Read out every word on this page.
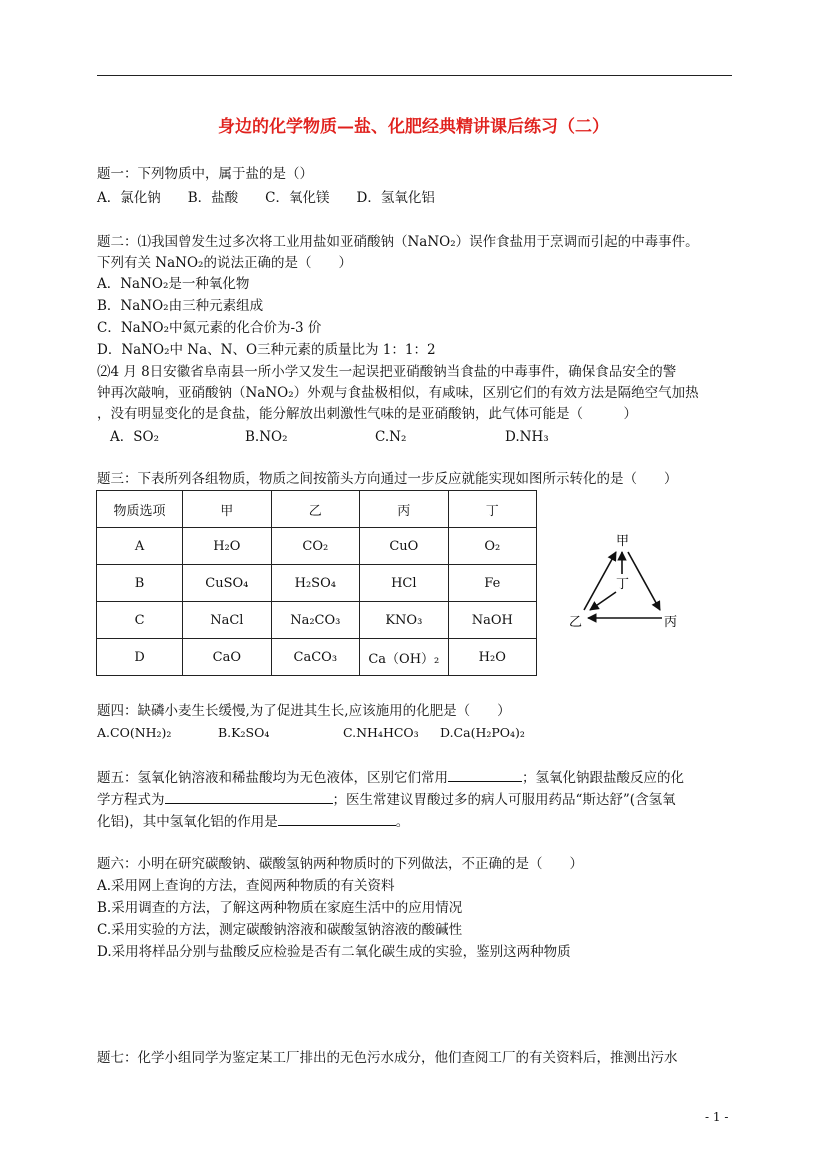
身边的化学物质—盐、化肥经典精讲课后练习（二）
题一：下列物质中，属于盐的是（）
A．氯化钠　　B．盐酸　　C．氧化镁　　D．氢氧化铝
题二：⑴我国曾发生过多次将工业用盐如亚硝酸钠（NaNO₂）误作食盐用于烹调而引起的中毒事件。
下列有关 NaNO₂的说法正确的是（　　）
A．NaNO₂是一种氧化物
B．NaNO₂由三种元素组成
C．NaNO₂中氮元素的化合价为-3 价
D．NaNO₂中 Na、N、O三种元素的质量比为 1：1：2
⑵4 月 8日安徽省阜南县一所小学又发生一起误把亚硝酸钠当食盐的中毒事件，确保食品安全的警
钟再次敲响，亚硝酸钠（NaNO₂）外观与食盐极相似，有咸味，区别它们的有效方法是隔绝空气加热
，没有明显变化的是食盐，能分解放出刺激性气味的是亚硝酸钠，此气体可能是（　　　）
A．SO₂	B.NO₂	C.N₂	D.NH₃
题三：下表所列各组物质，物质之间按箭头方向通过一步反应就能实现如图所示转化的是（　　）
物质选项	甲	乙	丙	丁
A	H₂O	CO₂	CuO	O₂
B	CuSO₄	H₂SO₄	HCl	Fe
C	NaCl	Na₂CO₃	KNO₃	NaOH
D	CaO	CaCO₃	Ca（OH）₂	H₂O
甲
丁
乙	丙
题四：缺磷小麦生长缓慢,为了促进其生长,应该施用的化肥是（　　）
A.CO(NH₂)₂	B.K₂SO₄	C.NH₄HCO₃ D.Ca(H₂PO₄)₂
题五：氢氧化钠溶液和稀盐酸均为无色液体，区别它们常用	；氢氧化钠跟盐酸反应的化
学方程式为	；医生常建议胃酸过多的病人可服用药品“斯达舒”(含氢氧
化铝)，其中氢氧化铝的作用是	。
题六：小明在研究碳酸钠、碳酸氢钠两种物质时的下列做法，不正确的是（　　）
A.采用网上查询的方法，查阅两种物质的有关资料
B.采用调查的方法，了解这两种物质在家庭生活中的应用情况
C.采用实验的方法，测定碳酸钠溶液和碳酸氢钠溶液的酸碱性
D.采用将样品分别与盐酸反应检验是否有二氧化碳生成的实验，鉴别这两种物质
题七：化学小组同学为鉴定某工厂排出的无色污水成分，他们查阅工厂的有关资料后，推测出污水
- 1 -
